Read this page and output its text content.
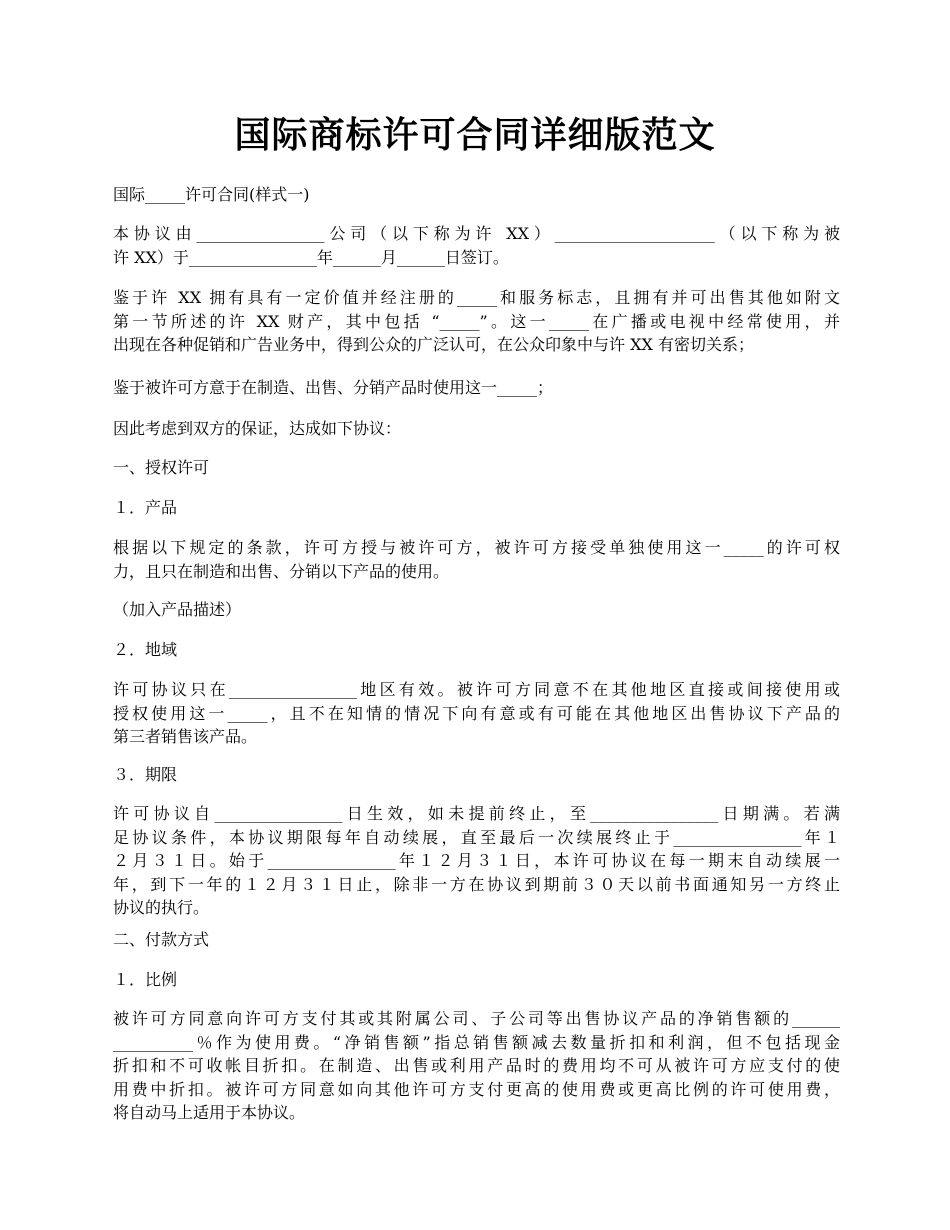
国际商标许可合同详细版范文
国际_____许可合同(样式一)
本协议由________________公司（以下称为许 XX）____________________（以下称为被
许 XX）于________________年______月______日签订。
鉴于许 XX 拥有具有一定价值并经注册的_____和服务标志，且拥有并可出售其他如附文
第一节所述的许 XX 财产，其中包括 “_____”。这一_____在广播或电视中经常使用，并
出现在各种促销和广告业务中，得到公众的广泛认可，在公众印象中与许 XX 有密切关系；
鉴于被许可方意于在制造、出售、分销产品时使用这一_____；
因此考虑到双方的保证，达成如下协议：
一、授权许可
１．产品
根据以下规定的条款，许可方授与被许可方，被许可方接受单独使用这一_____的许可权
力，且只在制造和出售、分销以下产品的使用。
（加入产品描述）
２．地域
许可协议只在________________地区有效。被许可方同意不在其他地区直接或间接使用或
授权使用这一_____，且不在知情的情况下向有意或有可能在其他地区出售协议下产品的
第三者销售该产品。
３．期限
许可协议自________________日生效，如未提前终止，至________________日期满。若满
足协议条件，本协议期限每年自动续展，直至最后一次续展终止于________________年１
２月３１日。始于________________年１２月３１日，本许可协议在每一期末自动续展一
年，到下一年的１２月３１日止，除非一方在协议到期前３０天以前书面通知另一方终止
协议的执行。
二、付款方式
１．比例
被许可方同意向许可方支付其或其附属公司、子公司等出售协议产品的净销售额的______
__________％作为使用费。“净销售额”指总销售额减去数量折扣和利润，但不包括现金
折扣和不可收帐目折扣。在制造、出售或利用产品时的费用均不可从被许可方应支付的使
用费中折扣。被许可方同意如向其他许可方支付更高的使用费或更高比例的许可使用费，
将自动马上适用于本协议。
